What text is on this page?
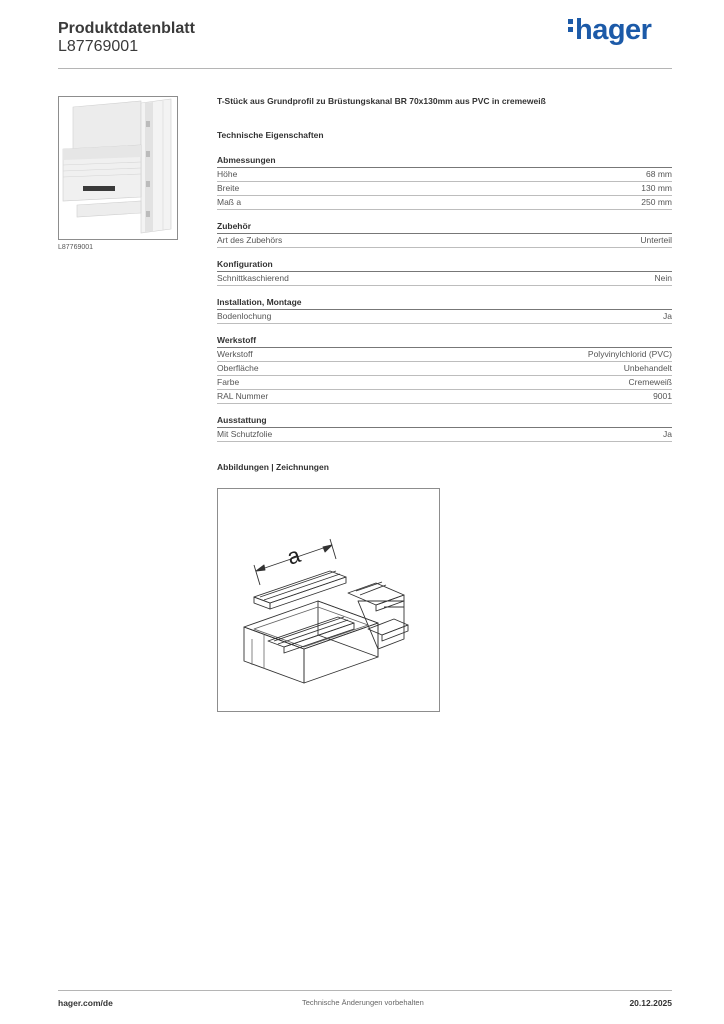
Produktdatenblatt
L87769001
hager
L87769001
T-Stück aus Grundprofil zu Brüstungskanal BR 70x130mm aus PVC in cremeweiß
Technische Eigenschaften
Abmessungen
Höhe	68 mm
Breite	130 mm
Maß a	250 mm
Zubehör
Art des Zubehörs	Unterteil
Konfiguration
Schnittkaschierend	Nein
Installation, Montage
Bodenlochung	Ja
Werkstoff
Werkstoff	Polyvinylchlorid (PVC)
Oberfläche	Unbehandelt
Farbe	Cremeweiß
RAL Nummer	9001
Ausstattung
Mit Schutzfolie	Ja
Abbildungen | Zeichnungen
a
hager.com/de	Technische Änderungen vorbehalten	20.12.2025
